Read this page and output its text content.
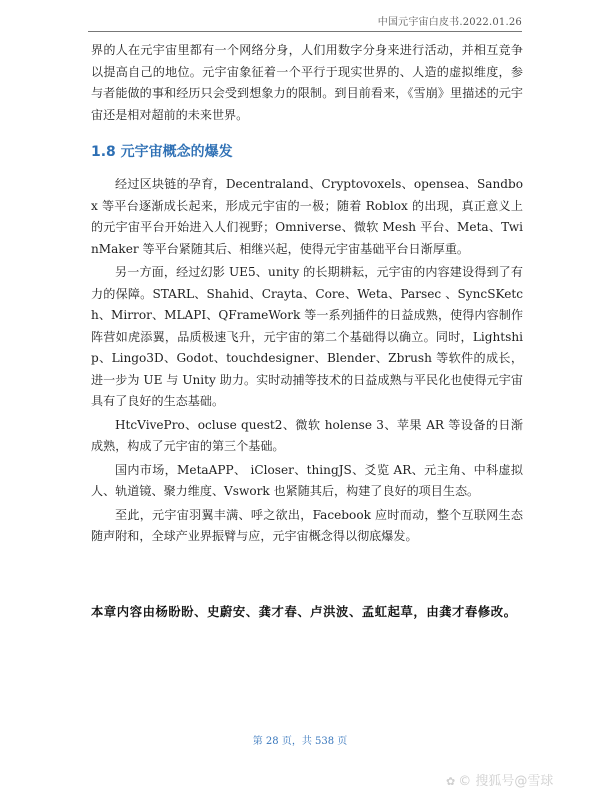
中国元宇宙白皮书.2022.01.26

界的人在元宇宙里都有一个网络分身，人们用数字分身来进行活动，并相互竞争以提高自己的地位。元宇宙象征着一个平行于现实世界的、人造的虚拟维度，参与者能做的事和经历只会受到想象力的限制。到目前看来，《雪崩》里描述的元宇宙还是相对超前的未来世界。

1.8 元宇宙概念的爆发

经过区块链的孕育，Decentraland、Cryptovoxels、opensea、Sandbox 等平台逐渐成长起来，形成元宇宙的一极；随着 Roblox 的出现，真正意义上的元宇宙平台开始进入人们视野；Omniverse、微软 Mesh 平台、Meta、TwinMaker 等平台紧随其后、相继兴起，使得元宇宙基础平台日渐厚重。

另一方面，经过幻影 UE5、unity 的长期耕耘，元宇宙的内容建设得到了有力的保障。STARL、Shahid、Crayta、Core、Weta、Parsec 、SyncSKetch、Mirror、MLAPI、QFrameWork 等一系列插件的日益成熟，使得内容制作阵营如虎添翼，品质极速飞升，元宇宙的第二个基础得以确立。同时，Lightship、Lingo3D、Godot、touchdesigner、Blender、Zbrush 等软件的成长，进一步为 UE 与 Unity 助力。实时动捕等技术的日益成熟与平民化也使得元宇宙具有了良好的生态基础。

HtcVivePro、ocluse quest2、微软 holense 3、苹果 AR 等设备的日渐成熟，构成了元宇宙的第三个基础。

国内市场，MetaAPP、 iCloser、thingJS、爻览 AR、元主角、中科虚拟人、轨道镜、聚力维度、Vswork 也紧随其后，构建了良好的项目生态。

至此，元宇宙羽翼丰满、呼之欲出，Facebook 应时而动，整个互联网生态随声附和，全球产业界振臂与应，元宇宙概念得以彻底爆发。

本章内容由杨盼盼、史蔚安、龚才春、卢洪波、孟虹起草，由龚才春修改。

第 28 页，共 538 页
✿ © 搜狐号@雪球
